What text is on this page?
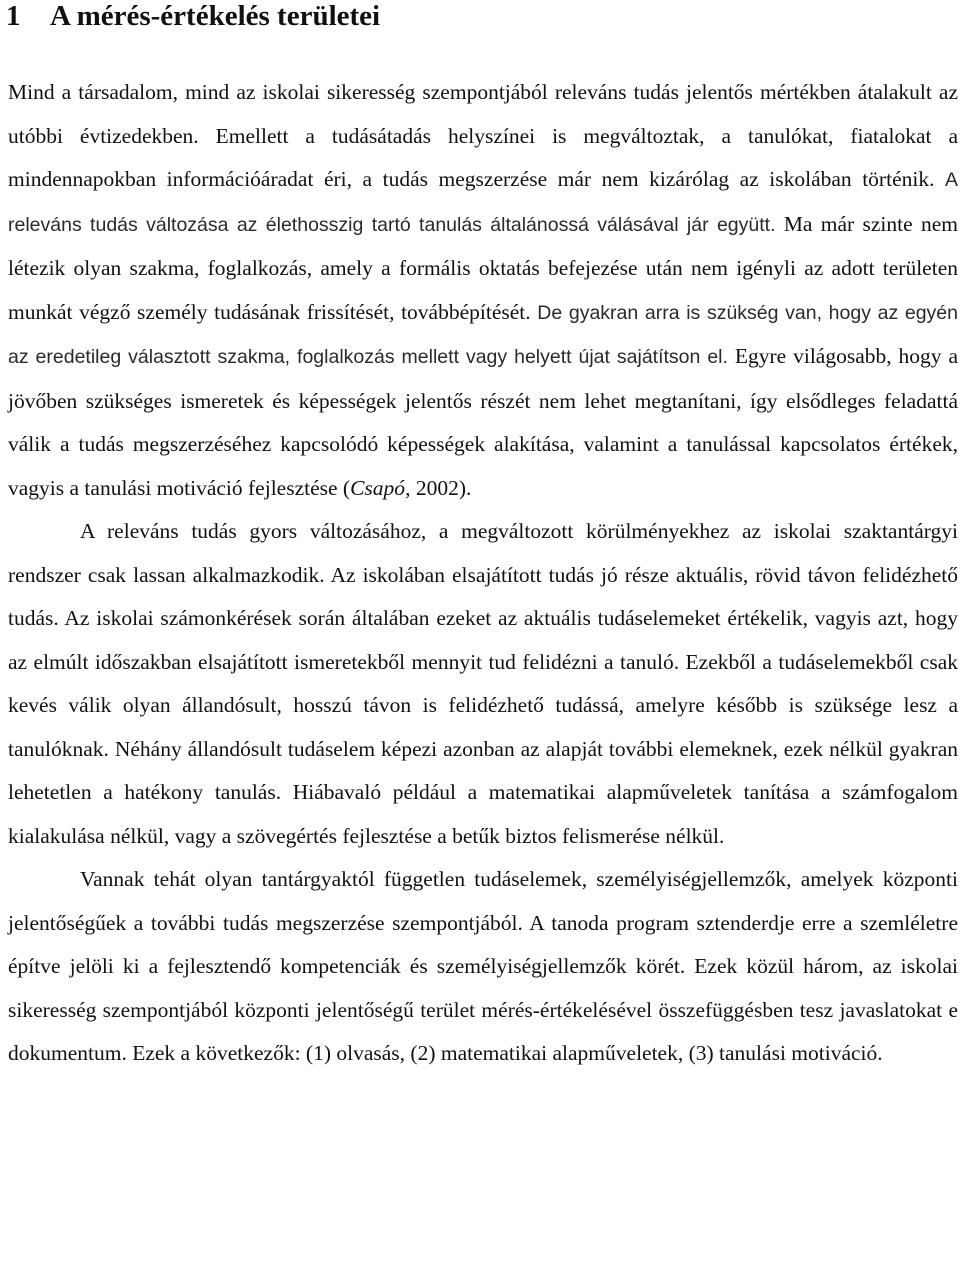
1 A mérés-értékelés területei

Mind a társadalom, mind az iskolai sikeresség szempontjából releváns tudás jelentős mértékben átalakult az utóbbi évtizedekben. Emellett a tudásátadás helyszínei is megváltoztak, a tanulókat, fiatalokat a mindennapokban információáradat éri, a tudás megszerzése már nem kizárólag az iskolában történik. A releváns tudás változása az élethosszig tartó tanulás általánossá válásával jár együtt. Ma már szinte nem létezik olyan szakma, foglalkozás, amely a formális oktatás befejezése után nem igényli az adott területen munkát végző személy tudásának frissítését, továbbépítését. De gyakran arra is szükség van, hogy az egyén az eredetileg választott szakma, foglalkozás mellett vagy helyett újat sajátítson el. Egyre világosabb, hogy a jövőben szükséges ismeretek és képességek jelentős részét nem lehet megtanítani, így elsődleges feladattá válik a tudás megszerzéséhez kapcsolódó képességek alakítása, valamint a tanulással kapcsolatos értékek, vagyis a tanulási motiváció fejlesztése (Csapó, 2002).

A releváns tudás gyors változásához, a megváltozott körülményekhez az iskolai szaktantárgyi rendszer csak lassan alkalmazkodik. Az iskolában elsajátított tudás jó része aktuális, rövid távon felidézhető tudás. Az iskolai számonkérések során általában ezeket az aktuális tudáselemeket értékelik, vagyis azt, hogy az elmúlt időszakban elsajátított ismeretekből mennyit tud felidézni a tanuló. Ezekből a tudáselemekből csak kevés válik olyan állandósult, hosszú távon is felidézhető tudássá, amelyre később is szüksége lesz a tanulóknak. Néhány állandósult tudáselem képezi azonban az alapját további elemeknek, ezek nélkül gyakran lehetetlen a hatékony tanulás. Hiábavaló például a matematikai alapműveletek tanítása a számfogalom kialakulása nélkül, vagy a szövegértés fejlesztése a betűk biztos felismerése nélkül.

Vannak tehát olyan tantárgyaktól független tudáselemek, személyiségjellemzők, amelyek központi jelentőségűek a további tudás megszerzése szempontjából. A tanoda program sztenderdje erre a szemléletre építve jelöli ki a fejlesztendő kompetenciák és személyiségjellemzők körét. Ezek közül három, az iskolai sikeresség szempontjából központi jelentőségű terület mérés-értékelésével összefüggésben tesz javaslatokat e dokumentum. Ezek a következők: (1) olvasás, (2) matematikai alapműveletek, (3) tanulási motiváció.
